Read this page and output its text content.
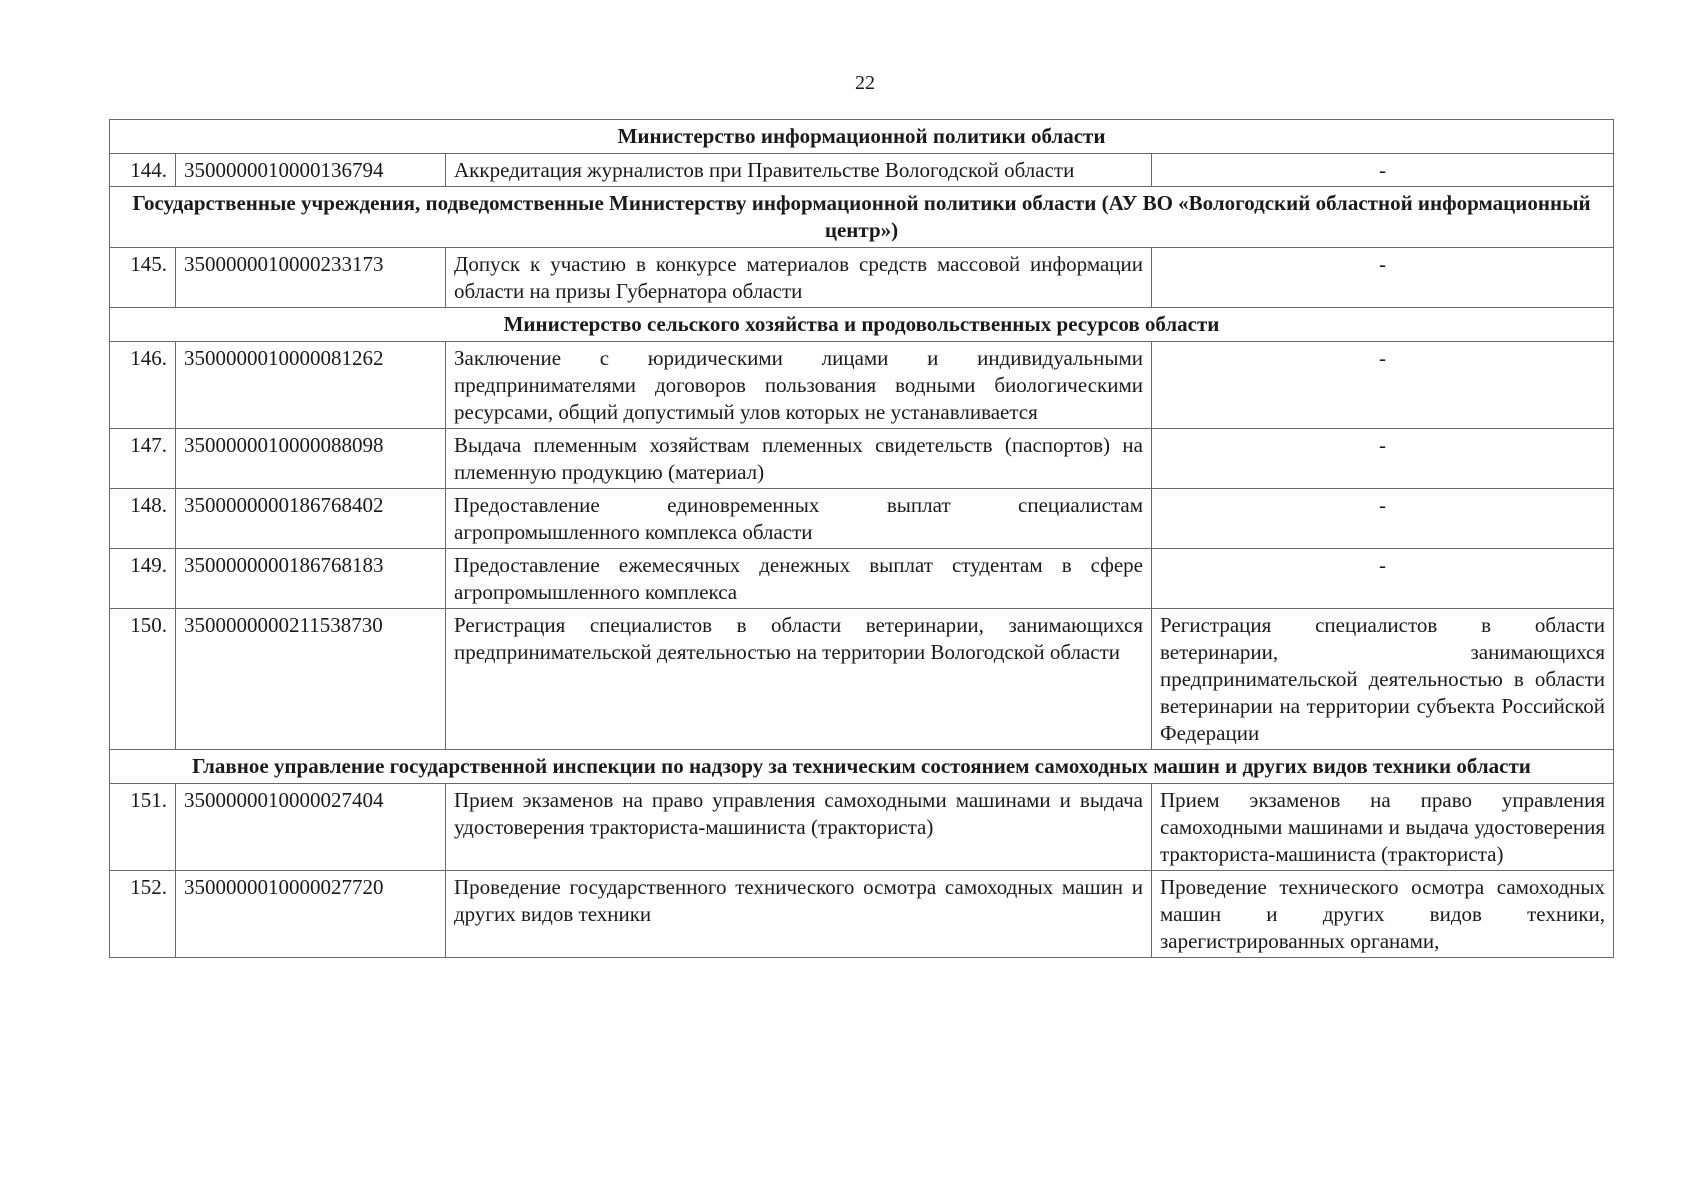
22
Министерство информационной политики области			
144.	3500000010000136794	Аккредитация журналистов при Правительстве Вологодской области	-
Государственные учреждения, подведомственные Министерству информационной политики области (АУ ВО «Вологодский областной информационный центр»)			
145.	3500000010000233173	Допуск к участию в конкурсе материалов средств массовой информации области на призы Губернатора области	-
Министерство сельского хозяйства и продовольственных ресурсов области			
146.	3500000010000081262	Заключение с юридическими лицами и индивидуальными предпринимателями договоров пользования водными биологическими ресурсами, общий допустимый улов которых не устанавливается	-
147.	3500000010000088098	Выдача племенным хозяйствам племенных свидетельств (паспортов) на племенную продукцию (материал)	-
148.	3500000000186768402	Предоставление единовременных выплат специалистам агропромышленного комплекса области	-
149.	3500000000186768183	Предоставление ежемесячных денежных выплат студентам в сфере агропромышленного комплекса	-
150.	3500000000211538730	Регистрация специалистов в области ветеринарии, занимающихся предпринимательской деятельностью на территории Вологодской области	Регистрация специалистов в области ветеринарии, занимающихся предпринимательской деятельностью в области ветеринарии на территории субъекта Российской Федерации
Главное управление государственной инспекции по надзору за техническим состоянием самоходных машин и других видов техники области			
151.	3500000010000027404	Прием экзаменов на право управления самоходными машинами и выдача удостоверения тракториста-машиниста (тракториста)	Прием экзаменов на право управления самоходными машинами и выдача удостоверения тракториста-машиниста (тракториста)
152.	3500000010000027720	Проведение государственного технического осмотра самоходных машин и других видов техники	Проведение технического осмотра самоходных машин и других видов техники, зарегистрированных органами,
